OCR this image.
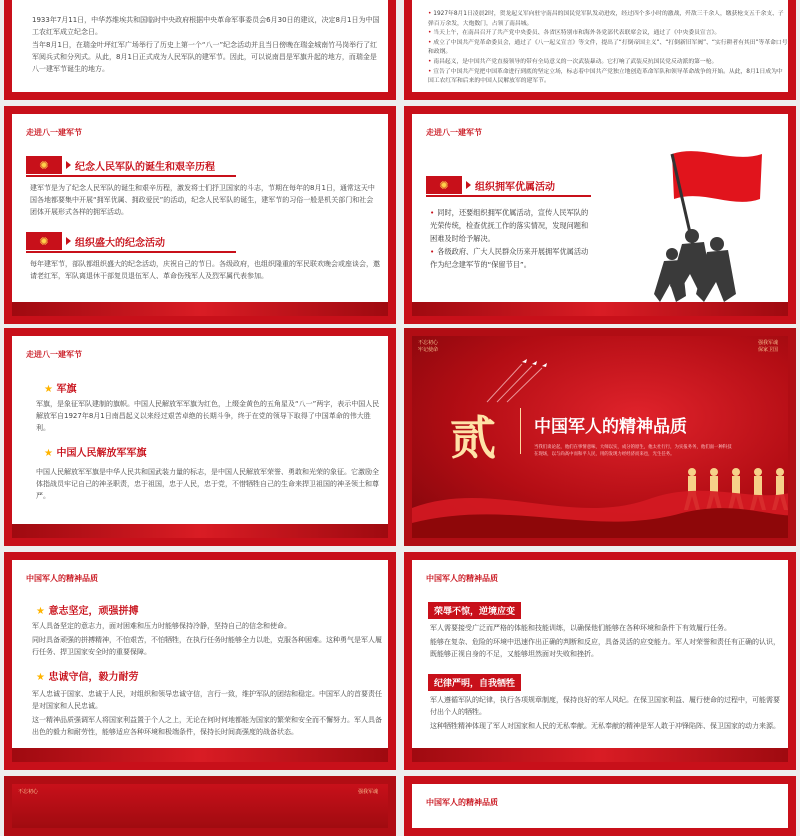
1933年7月11日，中华苏维埃共和国临时中央政府根据中央革命军事委员会6月30日的建议，决定8月1日为中国工农红军成立纪念日。
当年8月1日，在瑞金叶坪红军广场举行了历史上第一个“八一”纪念活动并且当日傍晚在瑞金城南竹马岗举行了红军阅兵式和分列式。从此，8月1日正式成为人民军队的建军节。因此，可以说南昌是军旗升起的地方，而瑞金是八一建军节诞生的地方。
• 1927年8月1日凌晨2时，贺龙起义军向驻守南昌的国民党军队发动进攻，经过四个多小时的激战，歼敌三千余人，缴获枪支五千余支、子弹百万余发，大炮数门，占领了南昌城。
• 当天上午，在南昌召开了共产党中央委员、各省区特别市和海外各党部代表联席会议，通过了《中央委员宣言》。
• 成立了中国共产党革命委员会，通过了《八一起义宣言》等文件，提出了“打倒帝国主义”、“打倒新旧军阀”、“实行耕者有其田”等革命口号和政纲。
• 南昌起义，是中国共产党直接领导的带有全局意义的一次武装暴动。它打响了武装反抗国民党反动派的第一枪。
• 宣告了中国共产党把中国革命进行到底的坚定立场，标志着中国共产党独立地创造革命军队和领导革命战争的开始。从此，8月1日成为中国工农红军和后来的中国人民解放军的建军节。
走进八一建军节
✺	纪念人民军队的诞生和艰辛历程
建军节是为了纪念人民军队的诞生和艰辛历程，激发将士们抒卫国家的斗志，节期在每年的8月1日，通常这天中国各地都要集中开展“拥军优属、拥政爱民”的活动，纪念人民军队的诞生，建军节的习俗一般是机关部门和社会团体开展形式各样的拥军活动。
✺	组织盛大的纪念活动
每年建军节，部队都组织盛大的纪念活动，庆祝自己的节日。各级政府，也组织隆重的军民联欢晚会或座谈会，邀请老红军，军队离退休干部复员退伍军人、革命伤残军人及烈军属代表参加。
走进八一建军节
✺	组织拥军优属活动
• 同时，还要组织拥军优属活动，宣传人民军队的光荣传统，检查优抚工作的落实情况，发现问题和困难及时给予解决。
• 各级政府、广大人民群众历来开展拥军优属活动作为纪念建军节的“保留节目”。
走进八一建军节
★ 军旗
军旗，是象征军队建制的旗帜。中国人民解放军军旗为红色，上缀金黄色的五角星及“八一”两字，表示中国人民解放军自1927年8月1日南昌起义以来经过艰苦卓绝的长期斗争，终于在党的领导下取得了中国革命的伟大胜利。
★ 中国人民解放军军旗
中国人民解放军军旗是中华人民共和国武装力量的标志，是中国人民解放军荣誉、勇敢和光荣的象征。它激励全体指战员牢记自己的神圣职责，忠于祖国，忠于人民，忠于党，不惜牺牲自己的生命来捍卫祖国的神圣领土和尊严。
不忘初心
牢记使命
强我军魂
保家卫国
贰 中国军人的精神品质
当我们谈论起，他们在事情意味，大师以实，成分的原生，他太社行行，为实报务务，他们面一种科技在现场，以与尚高中而和平人民，用的发现力经经济而来也，光生任务。
中国军人的精神品质
★ 意志坚定，顽强拼搏
军人具备坚定的意志力，面对困难和压力时能够保持冷静，坚持自己的信念和使命。
同时具备顽强的拼搏精神，不怕艰苦，不怕牺牲，在执行任务时能够全力以赴，克服各种困难。这种勇气是军人履行任务、捍卫国家安全时的重要保障。
★ 忠诚守信，毅力耐劳
军人忠诚于国家、忠诚于人民，对组织和领导忠诚守信，言行一致，维护军队的团结和稳定。中国军人的首要责任是对国家和人民忠诚。
这一精神品质强调军人将国家利益置于个人之上，无论在何时何地都能为国家的繁荣和安全而不懈努力。军人具备出色的毅力和耐劳性，能够适应各种环境和极端条件，保持长时间高强度的战备状态。
中国军人的精神品质
荣辱不惊，逆境应变
军人需要接受广泛而严格的体能和技能训练，以确保他们能够在各种环境和条件下有效履行任务。
能够在复杂、危险的环境中迅速作出正确的判断和反应，具备灵活的应变能力。军人对荣誉和责任有正确的认识，既能够正视自身的不足，又能够坦然面对失败和挫折。
纪律严明，自我牺牲
军人遵循军队的纪律，执行各项规章制度，保持良好的军人风纪。在保卫国家利益、履行使命的过程中，可能需要付出个人的牺牲。
这种牺牲精神体现了军人对国家和人民的无私奉献。无私奉献的精神是军人敢于冲锋陷阵、保卫国家的动力来源。
不忘初心	强我军魂
中国军人的精神品质
